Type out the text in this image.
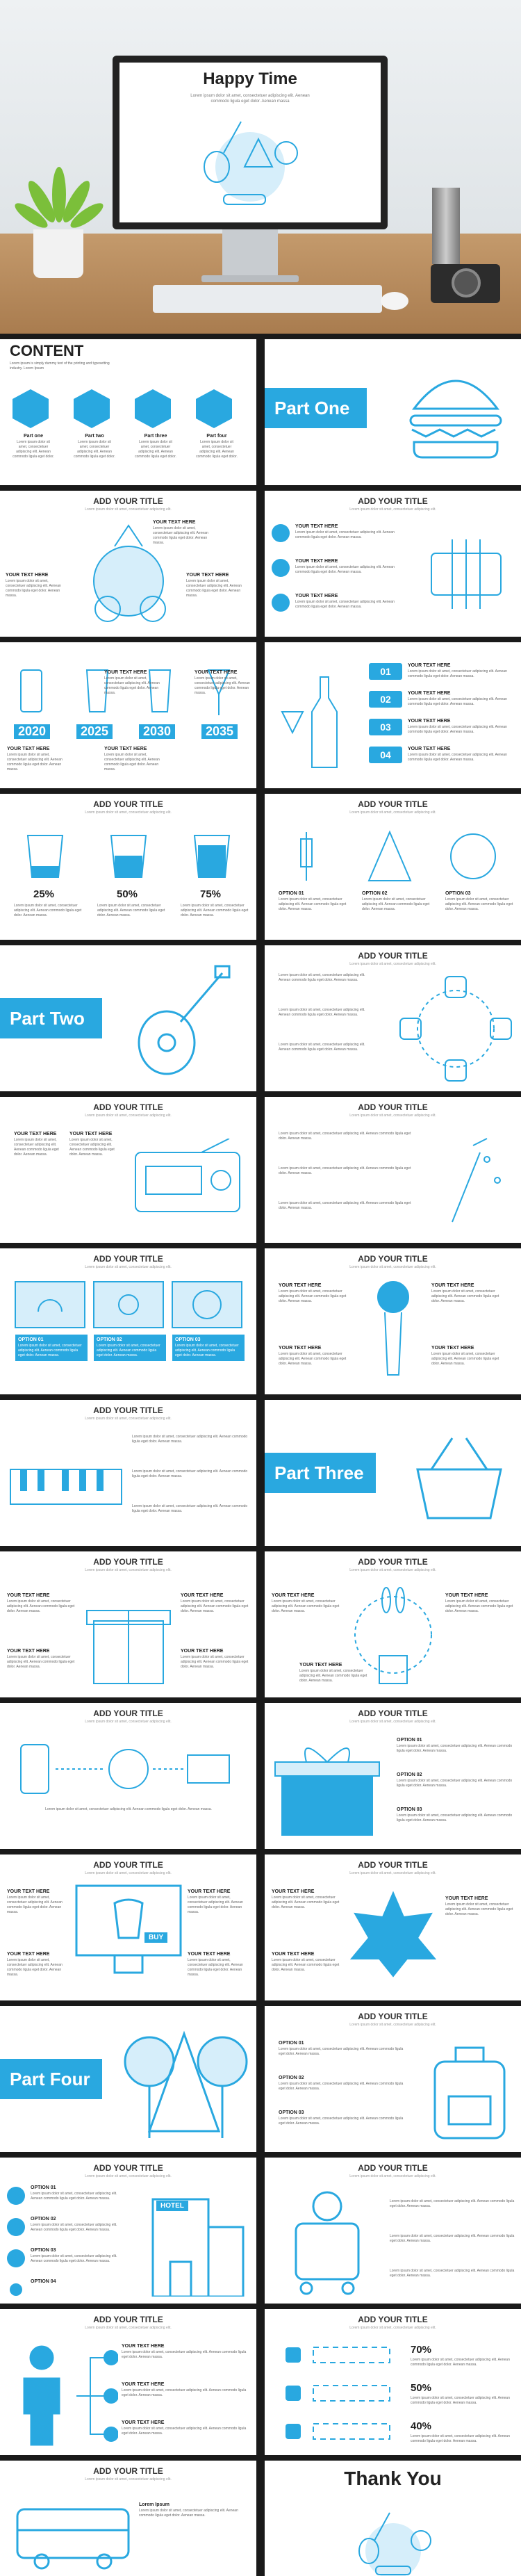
Happy Time
Lorem ipsum dolor sit amet, consectetuer adipiscing elit. Aenean commodo ligula eget dolor. Aenean massa
CONTENT
Lorem ipsum is simply dummy text of the printing and typesetting industry. Lorem Ipsum
Part one
Lorem ipsum dolor sit amet, consectetuer adipiscing elit. Aenean commodo ligula eget dolor.
Part two
Lorem ipsum dolor sit amet, consectetuer adipiscing elit. Aenean commodo ligula eget dolor.
Part three
Lorem ipsum dolor sit amet, consectetuer adipiscing elit. Aenean commodo ligula eget dolor.
Part four
Lorem ipsum dolor sit amet, consectetuer adipiscing elit. Aenean commodo ligula eget dolor.
Part One
ADD YOUR TITLE
Lorem ipsum dolor sit amet, consectetuer adipiscing elit.
YOUR TEXT HERE
Lorem ipsum dolor sit amet, consectetuer adipiscing elit. Aenean commodo ligula eget dolor. Aenean massa.
YOUR TEXT HERE
Lorem ipsum dolor sit amet, consectetuer adipiscing elit. Aenean commodo ligula eget dolor. Aenean massa.
YOUR TEXT HERE
Lorem ipsum dolor sit amet, consectetuer adipiscing elit. Aenean commodo ligula eget dolor. Aenean massa.
ADD YOUR TITLE
Lorem ipsum dolor sit amet, consectetuer adipiscing elit.
YOUR TEXT HERE
Lorem ipsum dolor sit amet, consectetuer adipiscing elit. Aenean commodo ligula eget dolor. Aenean massa.
YOUR TEXT HERE
Lorem ipsum dolor sit amet, consectetuer adipiscing elit. Aenean commodo ligula eget dolor. Aenean massa.
YOUR TEXT HERE
Lorem ipsum dolor sit amet, consectetuer adipiscing elit. Aenean commodo ligula eget dolor. Aenean massa.
2020	2025	2030	2035
YOUR TEXT HERE
Lorem ipsum dolor sit amet, consectetuer adipiscing elit. Aenean commodo ligula eget dolor. Aenean massa.
YOUR TEXT HERE
Lorem ipsum dolor sit amet, consectetuer adipiscing elit. Aenean commodo ligula eget dolor. Aenean massa.
YOUR TEXT HERE
Lorem ipsum dolor sit amet, consectetuer adipiscing elit. Aenean commodo ligula eget dolor. Aenean massa.
YOUR TEXT HERE
Lorem ipsum dolor sit amet, consectetuer adipiscing elit. Aenean commodo ligula eget dolor. Aenean massa.
01
02
03
04
YOUR TEXT HERE
Lorem ipsum dolor sit amet, consectetuer adipiscing elit. Aenean commodo ligula eget dolor. Aenean massa.
YOUR TEXT HERE
Lorem ipsum dolor sit amet, consectetuer adipiscing elit. Aenean commodo ligula eget dolor. Aenean massa.
YOUR TEXT HERE
Lorem ipsum dolor sit amet, consectetuer adipiscing elit. Aenean commodo ligula eget dolor. Aenean massa.
YOUR TEXT HERE
Lorem ipsum dolor sit amet, consectetuer adipiscing elit. Aenean commodo ligula eget dolor. Aenean massa.
ADD YOUR TITLE
Lorem ipsum dolor sit amet, consectetuer adipiscing elit.
25%	50%	75%
Lorem ipsum dolor sit amet, consectetuer adipiscing elit. Aenean commodo ligula eget dolor. Aenean massa.
Lorem ipsum dolor sit amet, consectetuer adipiscing elit. Aenean commodo ligula eget dolor. Aenean massa.
Lorem ipsum dolor sit amet, consectetuer adipiscing elit. Aenean commodo ligula eget dolor. Aenean massa.
ADD YOUR TITLE
Lorem ipsum dolor sit amet, consectetuer adipiscing elit.
OPTION 01
Lorem ipsum dolor sit amet, consectetuer adipiscing elit. Aenean commodo ligula eget dolor. Aenean massa.
OPTION 02
Lorem ipsum dolor sit amet, consectetuer adipiscing elit. Aenean commodo ligula eget dolor. Aenean massa.
OPTION 03
Lorem ipsum dolor sit amet, consectetuer adipiscing elit. Aenean commodo ligula eget dolor. Aenean massa.
Part Two
ADD YOUR TITLE
Lorem ipsum dolor sit amet, consectetuer adipiscing elit.
Lorem ipsum dolor sit amet, consectetuer adipiscing elit. Aenean commodo ligula eget dolor. Aenean massa.
Lorem ipsum dolor sit amet, consectetuer adipiscing elit. Aenean commodo ligula eget dolor. Aenean massa.
Lorem ipsum dolor sit amet, consectetuer adipiscing elit. Aenean commodo ligula eget dolor. Aenean massa.
ADD YOUR TITLE
Lorem ipsum dolor sit amet, consectetuer adipiscing elit.
YOUR TEXT HERE
Lorem ipsum dolor sit amet, consectetuer adipiscing elit. Aenean commodo ligula eget dolor. Aenean massa.
YOUR TEXT HERE
Lorem ipsum dolor sit amet, consectetuer adipiscing elit. Aenean commodo ligula eget dolor. Aenean massa.
ADD YOUR TITLE
Lorem ipsum dolor sit amet, consectetuer adipiscing elit.
Lorem ipsum dolor sit amet, consectetuer adipiscing elit. Aenean commodo ligula eget dolor. Aenean massa.
Lorem ipsum dolor sit amet, consectetuer adipiscing elit. Aenean commodo ligula eget dolor. Aenean massa.
Lorem ipsum dolor sit amet, consectetuer adipiscing elit. Aenean commodo ligula eget dolor. Aenean massa.
ADD YOUR TITLE
Lorem ipsum dolor sit amet, consectetuer adipiscing elit.
OPTION 01
Lorem ipsum dolor sit amet, consectetuer adipiscing elit. Aenean commodo ligula eget dolor. Aenean massa.
OPTION 02
Lorem ipsum dolor sit amet, consectetuer adipiscing elit. Aenean commodo ligula eget dolor. Aenean massa.
OPTION 03
Lorem ipsum dolor sit amet, consectetuer adipiscing elit. Aenean commodo ligula eget dolor. Aenean massa.
ADD YOUR TITLE
Lorem ipsum dolor sit amet, consectetuer adipiscing elit.
YOUR TEXT HERE
Lorem ipsum dolor sit amet, consectetuer adipiscing elit. Aenean commodo ligula eget dolor. Aenean massa.
YOUR TEXT HERE
Lorem ipsum dolor sit amet, consectetuer adipiscing elit. Aenean commodo ligula eget dolor. Aenean massa.
YOUR TEXT HERE
Lorem ipsum dolor sit amet, consectetuer adipiscing elit. Aenean commodo ligula eget dolor. Aenean massa.
YOUR TEXT HERE
Lorem ipsum dolor sit amet, consectetuer adipiscing elit. Aenean commodo ligula eget dolor. Aenean massa.
ADD YOUR TITLE
Lorem ipsum dolor sit amet, consectetuer adipiscing elit.
Lorem ipsum dolor sit amet, consectetuer adipiscing elit. Aenean commodo ligula eget dolor. Aenean massa.
Lorem ipsum dolor sit amet, consectetuer adipiscing elit. Aenean commodo ligula eget dolor. Aenean massa.
Lorem ipsum dolor sit amet, consectetuer adipiscing elit. Aenean commodo ligula eget dolor. Aenean massa.
Part Three
ADD YOUR TITLE
Lorem ipsum dolor sit amet, consectetuer adipiscing elit.
YOUR TEXT HERE
Lorem ipsum dolor sit amet, consectetuer adipiscing elit. Aenean commodo ligula eget dolor. Aenean massa.
YOUR TEXT HERE
Lorem ipsum dolor sit amet, consectetuer adipiscing elit. Aenean commodo ligula eget dolor. Aenean massa.
YOUR TEXT HERE
Lorem ipsum dolor sit amet, consectetuer adipiscing elit. Aenean commodo ligula eget dolor. Aenean massa.
YOUR TEXT HERE
Lorem ipsum dolor sit amet, consectetuer adipiscing elit. Aenean commodo ligula eget dolor. Aenean massa.
ADD YOUR TITLE
Lorem ipsum dolor sit amet, consectetuer adipiscing elit.
YOUR TEXT HERE
Lorem ipsum dolor sit amet, consectetuer adipiscing elit. Aenean commodo ligula eget dolor. Aenean massa.
YOUR TEXT HERE
Lorem ipsum dolor sit amet, consectetuer adipiscing elit. Aenean commodo ligula eget dolor. Aenean massa.
YOUR TEXT HERE
Lorem ipsum dolor sit amet, consectetuer adipiscing elit. Aenean commodo ligula eget dolor. Aenean massa.
ADD YOUR TITLE
Lorem ipsum dolor sit amet, consectetuer adipiscing elit.
Lorem ipsum dolor sit amet, consectetuer adipiscing elit. Aenean commodo ligula eget dolor. Aenean massa.
ADD YOUR TITLE
Lorem ipsum dolor sit amet, consectetuer adipiscing elit.
OPTION 01
Lorem ipsum dolor sit amet, consectetuer adipiscing elit. Aenean commodo ligula eget dolor. Aenean massa.
OPTION 02
Lorem ipsum dolor sit amet, consectetuer adipiscing elit. Aenean commodo ligula eget dolor. Aenean massa.
OPTION 03
Lorem ipsum dolor sit amet, consectetuer adipiscing elit. Aenean commodo ligula eget dolor. Aenean massa.
ADD YOUR TITLE
Lorem ipsum dolor sit amet, consectetuer adipiscing elit.
BUY
YOUR TEXT HERE
Lorem ipsum dolor sit amet, consectetuer adipiscing elit. Aenean commodo ligula eget dolor. Aenean massa.
YOUR TEXT HERE
Lorem ipsum dolor sit amet, consectetuer adipiscing elit. Aenean commodo ligula eget dolor. Aenean massa.
YOUR TEXT HERE
Lorem ipsum dolor sit amet, consectetuer adipiscing elit. Aenean commodo ligula eget dolor. Aenean massa.
YOUR TEXT HERE
Lorem ipsum dolor sit amet, consectetuer adipiscing elit. Aenean commodo ligula eget dolor. Aenean massa.
ADD YOUR TITLE
Lorem ipsum dolor sit amet, consectetuer adipiscing elit.
YOUR TEXT HERE
Lorem ipsum dolor sit amet, consectetuer adipiscing elit. Aenean commodo ligula eget dolor. Aenean massa.
YOUR TEXT HERE
Lorem ipsum dolor sit amet, consectetuer adipiscing elit. Aenean commodo ligula eget dolor. Aenean massa.
YOUR TEXT HERE
Lorem ipsum dolor sit amet, consectetuer adipiscing elit. Aenean commodo ligula eget dolor. Aenean massa.
Part Four
ADD YOUR TITLE
Lorem ipsum dolor sit amet, consectetuer adipiscing elit.
OPTION 01
Lorem ipsum dolor sit amet, consectetuer adipiscing elit. Aenean commodo ligula eget dolor. Aenean massa.
OPTION 02
Lorem ipsum dolor sit amet, consectetuer adipiscing elit. Aenean commodo ligula eget dolor. Aenean massa.
OPTION 03
Lorem ipsum dolor sit amet, consectetuer adipiscing elit. Aenean commodo ligula eget dolor. Aenean massa.
ADD YOUR TITLE
Lorem ipsum dolor sit amet, consectetuer adipiscing elit.
OPTION 01
Lorem ipsum dolor sit amet, consectetuer adipiscing elit. Aenean commodo ligula eget dolor. Aenean massa.
OPTION 02
Lorem ipsum dolor sit amet, consectetuer adipiscing elit. Aenean commodo ligula eget dolor. Aenean massa.
OPTION 03
Lorem ipsum dolor sit amet, consectetuer adipiscing elit. Aenean commodo ligula eget dolor. Aenean massa.
OPTION 04
HOTEL
ADD YOUR TITLE
Lorem ipsum dolor sit amet, consectetuer adipiscing elit.
Lorem ipsum dolor sit amet, consectetuer adipiscing elit. Aenean commodo ligula eget dolor. Aenean massa.
Lorem ipsum dolor sit amet, consectetuer adipiscing elit. Aenean commodo ligula eget dolor. Aenean massa.
Lorem ipsum dolor sit amet, consectetuer adipiscing elit. Aenean commodo ligula eget dolor. Aenean massa.
ADD YOUR TITLE
Lorem ipsum dolor sit amet, consectetuer adipiscing elit.
YOUR TEXT HERE
Lorem ipsum dolor sit amet, consectetuer adipiscing elit. Aenean commodo ligula eget dolor. Aenean massa.
YOUR TEXT HERE
Lorem ipsum dolor sit amet, consectetuer adipiscing elit. Aenean commodo ligula eget dolor. Aenean massa.
YOUR TEXT HERE
Lorem ipsum dolor sit amet, consectetuer adipiscing elit. Aenean commodo ligula eget dolor. Aenean massa.
ADD YOUR TITLE
Lorem ipsum dolor sit amet, consectetuer adipiscing elit.
70%
50%
40%
Lorem ipsum dolor sit amet, consectetuer adipiscing elit. Aenean commodo ligula eget dolor. Aenean massa.
Lorem ipsum dolor sit amet, consectetuer adipiscing elit. Aenean commodo ligula eget dolor. Aenean massa.
Lorem ipsum dolor sit amet, consectetuer adipiscing elit. Aenean commodo ligula eget dolor. Aenean massa.
ADD YOUR TITLE
Lorem ipsum dolor sit amet, consectetuer adipiscing elit.
Lorem Ipsum
Lorem ipsum dolor sit amet, consectetuer adipiscing elit. Aenean commodo ligula eget dolor. Aenean massa.
Thank You
